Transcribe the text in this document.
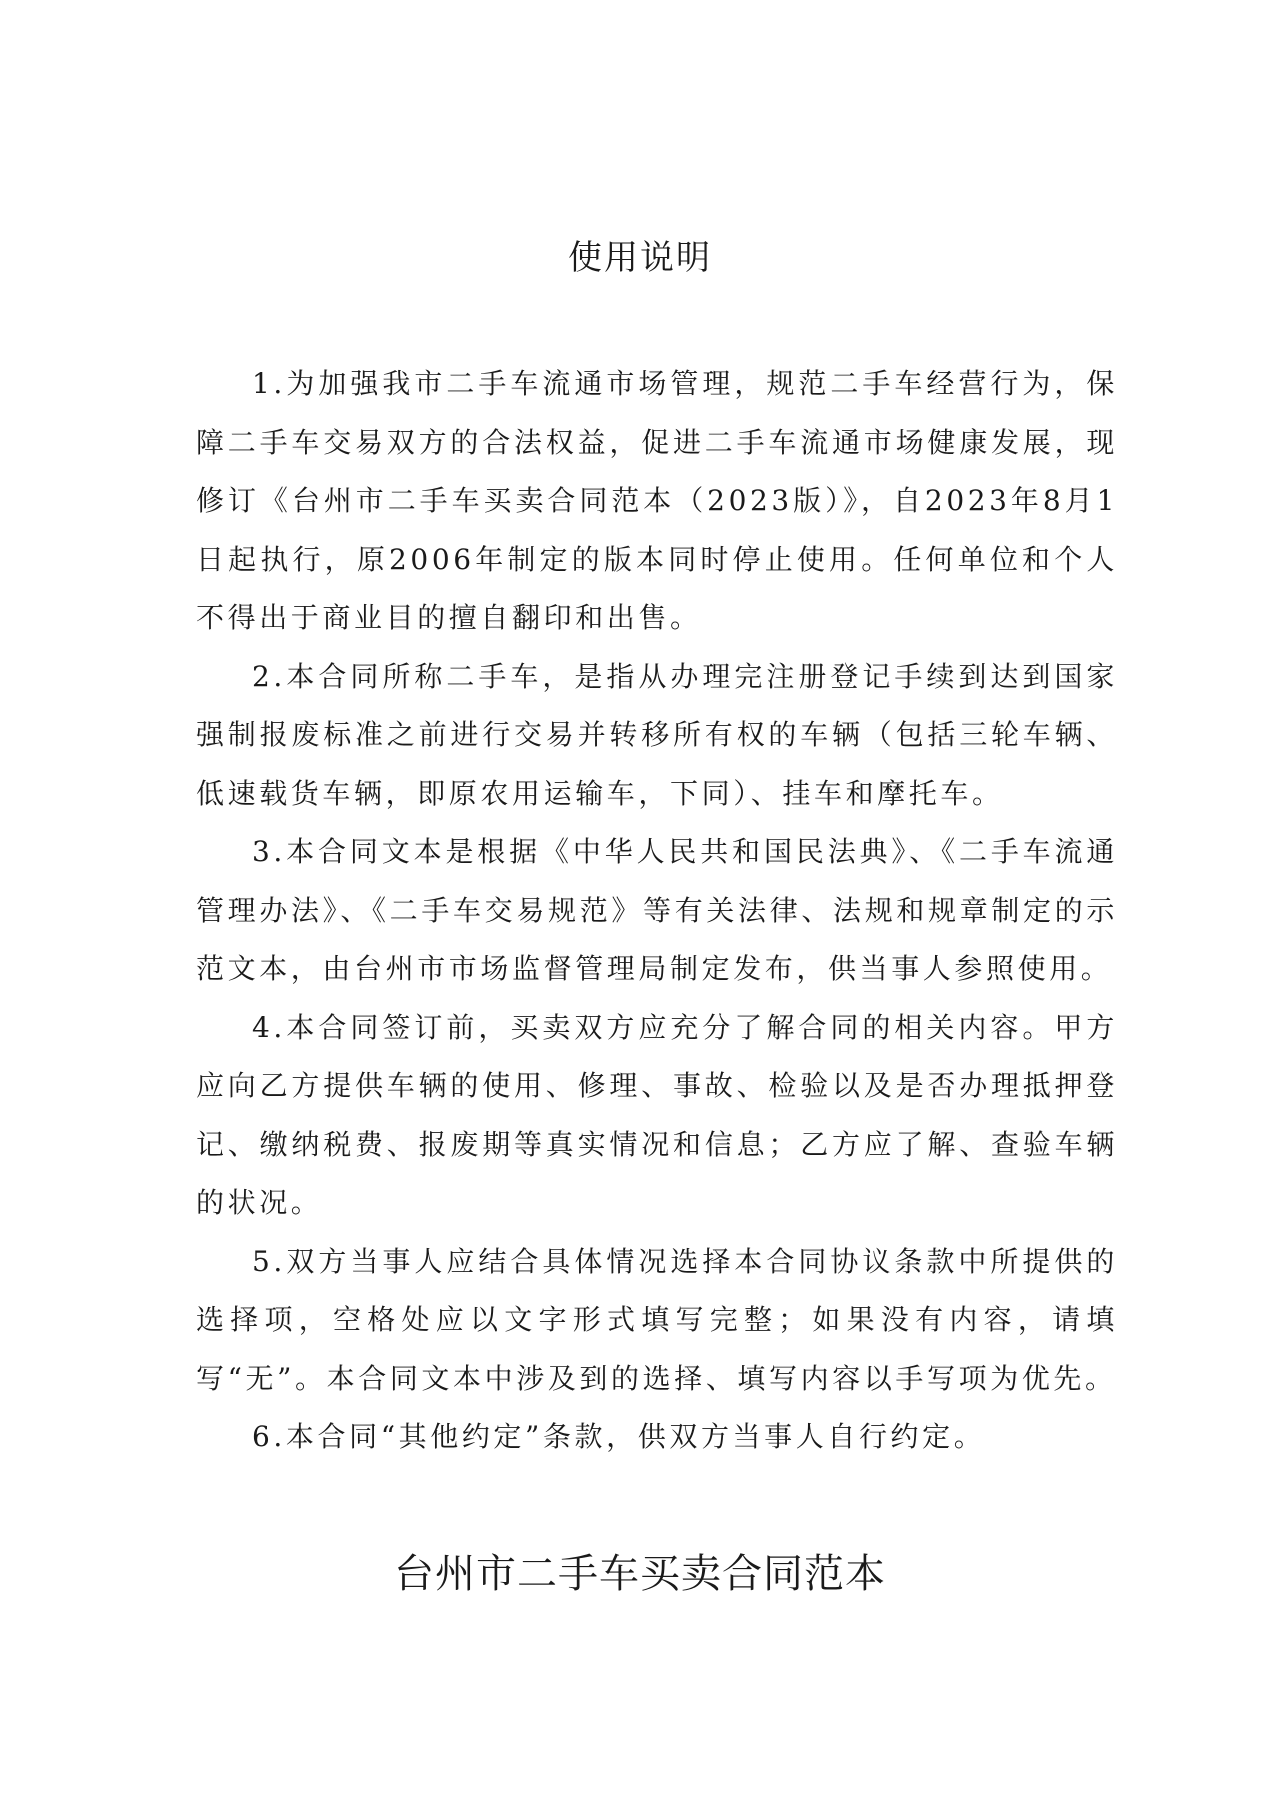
使用说明

1.为加强我市二手车流通市场管理，规范二手车经营行为，保障二手车交易双方的合法权益，促进二手车流通市场健康发展，现修订《台州市二手车买卖合同范本（2023版）》，自2023年8月1日起执行，原2006年制定的版本同时停止使用。任何单位和个人不得出于商业目的擅自翻印和出售。

2.本合同所称二手车，是指从办理完注册登记手续到达到国家强制报废标准之前进行交易并转移所有权的车辆（包括三轮车辆、低速载货车辆，即原农用运输车，下同）、挂车和摩托车。

3.本合同文本是根据《中华人民共和国民法典》、《二手车流通管理办法》、《二手车交易规范》等有关法律、法规和规章制定的示范文本，由台州市市场监督管理局制定发布，供当事人参照使用。

4.本合同签订前，买卖双方应充分了解合同的相关内容。甲方应向乙方提供车辆的使用、修理、事故、检验以及是否办理抵押登记、缴纳税费、报废期等真实情况和信息；乙方应了解、查验车辆的状况。

5.双方当事人应结合具体情况选择本合同协议条款中所提供的选择项，空格处应以文字形式填写完整；如果没有内容，请填写“无”。本合同文本中涉及到的选择、填写内容以手写项为优先。

6.本合同“其他约定”条款，供双方当事人自行约定。

台州市二手车买卖合同范本
